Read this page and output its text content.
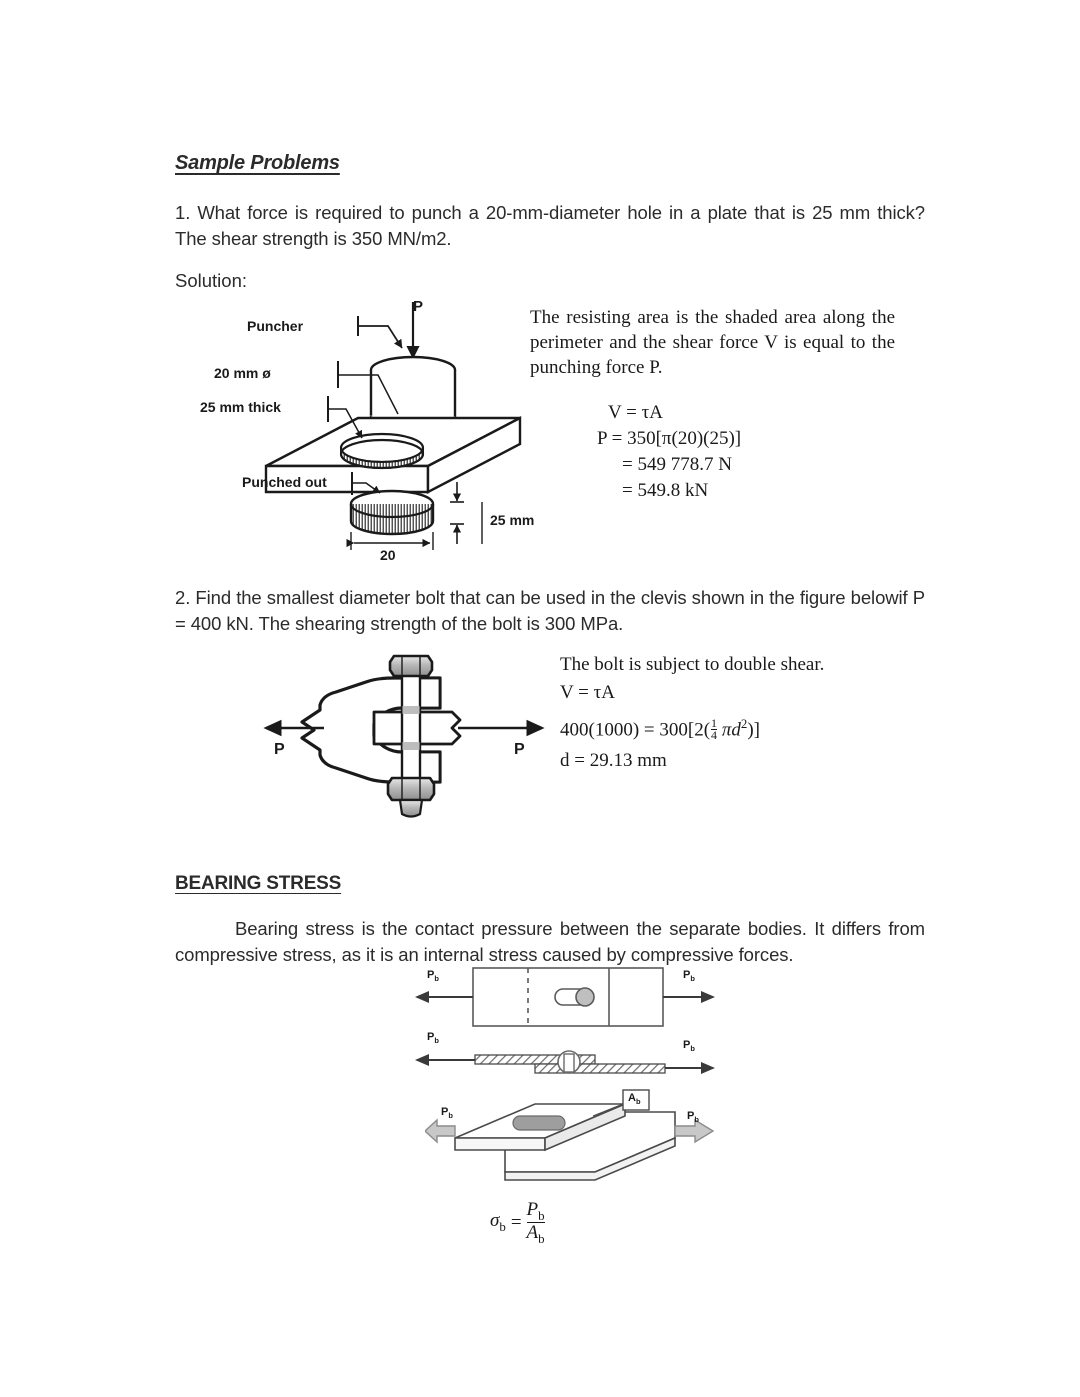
Sample Problems
1. What force is required to punch a 20-mm-diameter hole in a plate that is 25 mm thick? The shear strength is 350 MN/m2.
Solution:
P
Puncher
20 mm ø
25 mm thick
Punched out
25 mm
20
The resisting area is the shaded area along the perimeter and the shear force V is equal to the punching force P.
V = τA
P = 350[π(20)(25)]
= 549 778.7 N
= 549.8 kN
2. Find the smallest diameter bolt that can be used in the clevis shown in the figure belowif P = 400 kN. The shearing strength of the bolt is 300 MPa.
P	P
The bolt is subject to double shear.
V = τA
$400(1000) = 300[2( \frac{1}{4}$
  $\pi d^2$)]
d = 29.13 mm
BEARING STRESS
Bearing stress is the contact pressure between the separate bodies. It differs from compressive stress, as it is an internal stress caused by compressive forces.
$P_b$	$P_b$
$P_b$	$P_b$
$P_b$	$P_b$
$A_b$
$\sigma_b$ =
$P_b$
$A_b$
